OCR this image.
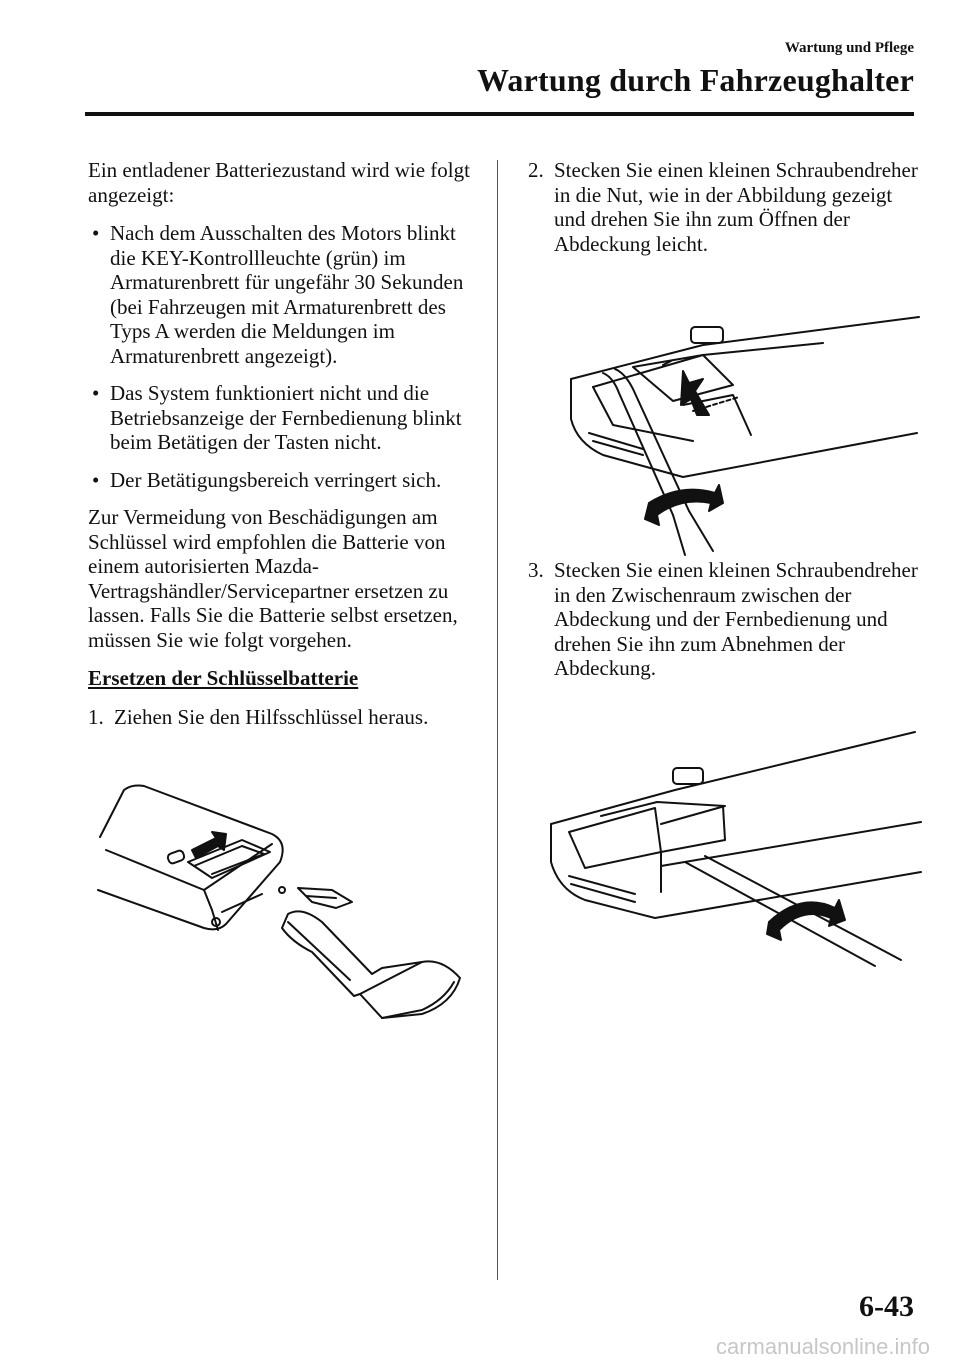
Wartung und Pflege
Wartung durch Fahrzeughalter

Ein entladener Batteriezustand wird wie folgt angezeigt:

• Nach dem Ausschalten des Motors blinkt die KEY-Kontrollleuchte (grün) im Armaturenbrett für ungefähr 30 Sekunden (bei Fahrzeugen mit Armaturenbrett des Typs A werden die Meldungen im Armaturenbrett angezeigt).
• Das System funktioniert nicht und die Betriebsanzeige der Fernbedienung blinkt beim Betätigen der Tasten nicht.
• Der Betätigungsbereich verringert sich.

Zur Vermeidung von Beschädigungen am Schlüssel wird empfohlen die Batterie von einem autorisierten Mazda-Vertragshändler/Servicepartner ersetzen zu lassen. Falls Sie die Batterie selbst ersetzen, müssen Sie wie folgt vorgehen.

Ersetzen der Schlüsselbatterie
1. Ziehen Sie den Hilfsschlüssel heraus.
2. Stecken Sie einen kleinen Schraubendreher in die Nut, wie in der Abbildung gezeigt und drehen Sie ihn zum Öffnen der Abdeckung leicht.
3. Stecken Sie einen kleinen Schraubendreher in den Zwischenraum zwischen der Abdeckung und der Fernbedienung und drehen Sie ihn zum Abnehmen der Abdeckung.
6-43
carmanualsonline.info
